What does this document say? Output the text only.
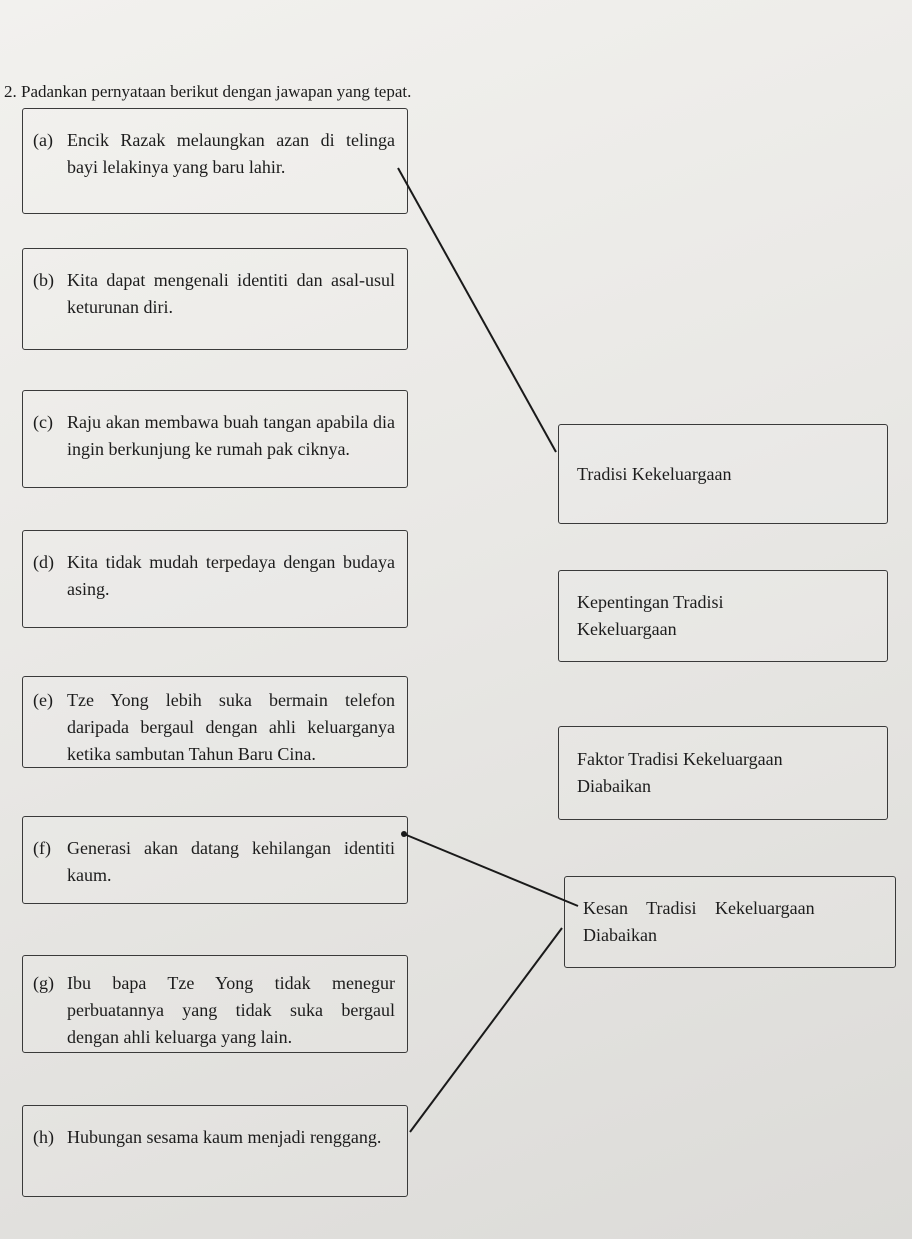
2. Padankan pernyataan berikut dengan jawapan yang tepat.

(a) Encik Razak melaungkan azan di telinga bayi lelakinya yang baru lahir.
(b) Kita dapat mengenali identiti dan asal-usul keturunan diri.
(c) Raju akan membawa buah tangan apabila dia ingin berkunjung ke rumah pak ciknya.
(d) Kita tidak mudah terpedaya dengan budaya asing.
(e) Tze Yong lebih suka bermain telefon daripada bergaul dengan ahli keluarganya ketika sambutan Tahun Baru Cina.
(f) Generasi akan datang kehilangan identiti kaum.
(g) Ibu bapa Tze Yong tidak menegur perbuatannya yang tidak suka bergaul dengan ahli keluarga yang lain.
(h) Hubungan sesama kaum menjadi renggang.
Tradisi Kekeluargaan
Kepentingan Tradisi Kekeluargaan
Faktor Tradisi Kekeluargaan Diabaikan
Kesan Tradisi Kekeluargaan Diabaikan
